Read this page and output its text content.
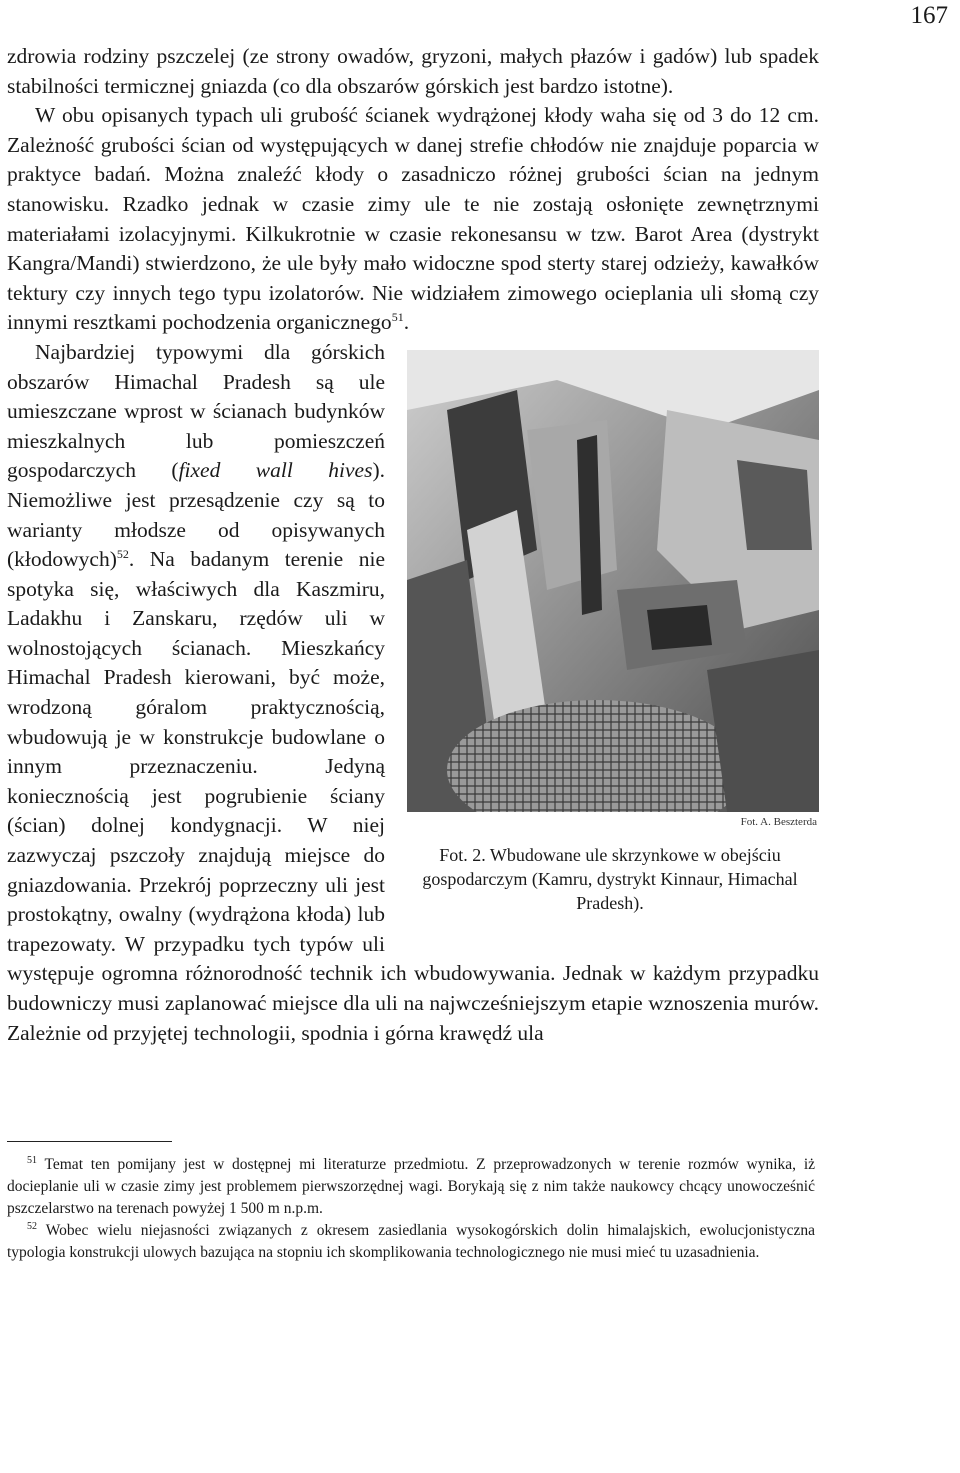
167

zdrowia rodziny pszczelej (ze strony owadów, gryzoni, małych płazów i gadów) lub spadek stabilności termicznej gniazda (co dla obszarów górskich jest bardzo istotne).

W obu opisanych typach uli grubość ścianek wydrążonej kłody waha się od 3 do 12 cm. Zależność grubości ścian od występujących w danej strefie chłodów nie znajduje poparcia w praktyce badań. Można znaleźć kłody o zasadniczo różnej grubości ścian na jednym stanowisku. Rzadko jednak w czasie zimy ule te nie zostają osłonięte zewnętrznymi materiałami izolacyjnymi. Kilkukrotnie w czasie rekonesansu w tzw. Barot Area (dystrykt Kangra/Mandi) stwierdzono, że ule były mało widoczne spod sterty starej odzieży, kawałków tektury czy innych tego typu izolatorów. Nie widziałem zimowego ocieplania uli słomą czy innymi resztkami pochodzenia organicznego$^{51}$.

Fot. A. Beszterda
Fot. 2. Wbudowane ule skrzynkowe w obejściu gospodarczym (Kamru, dystrykt Kinnaur, Himachal Pradesh).

Najbardziej typowymi dla górskich obszarów Himachal Pradesh są ule umieszczane wprost w ścianach budynków mieszkalnych lub pomieszczeń gospodarczych (fixed wall hives). Niemożliwe jest przesądzenie czy są to warianty młodsze od opisywanych (kłodowych)$^{52}$. Na badanym terenie nie spotyka się, właściwych dla Kaszmiru, Ladakhu i Zanskaru, rzędów uli w wolnostojących ścianach. Mieszkańcy Himachal Pradesh kierowani, być może, wrodzoną góralom praktycznością, wbudowują je w konstrukcje budowlane o innym przeznaczeniu. Jedyną koniecznością jest pogrubienie ściany (ścian) dolnej kondygnacji. W niej zazwyczaj pszczoły znajdują miejsce do gniazdowania. Przekrój poprzeczny uli jest prostokątny, owalny (wydrążona kłoda) lub trapezowaty. W przypadku tych typów uli występuje ogromna różnorodność technik ich wbudowywania. Jednak w każdym przypadku budowniczy musi zaplanować miejsce dla uli na najwcześniejszym etapie wznoszenia murów. Zależnie od przyjętej technologii, spodnia i górna krawędź ula

$^{51}$ Temat ten pomijany jest w dostępnej mi literaturze przedmiotu. Z przeprowadzonych w terenie rozmów wynika, iż docieplanie uli w czasie zimy jest problemem pierwszorzędnej wagi. Borykają się z nim także naukowcy chcący unowocześnić pszczelarstwo na terenach powyżej 1 500 m n.p.m.

$^{52}$ Wobec wielu niejasności związanych z okresem zasiedlania wysokogórskich dolin himalajskich, ewolucjonistyczna typologia konstrukcji ulowych bazująca na stopniu ich skomplikowania technologicznego nie musi mieć tu uzasadnienia.
